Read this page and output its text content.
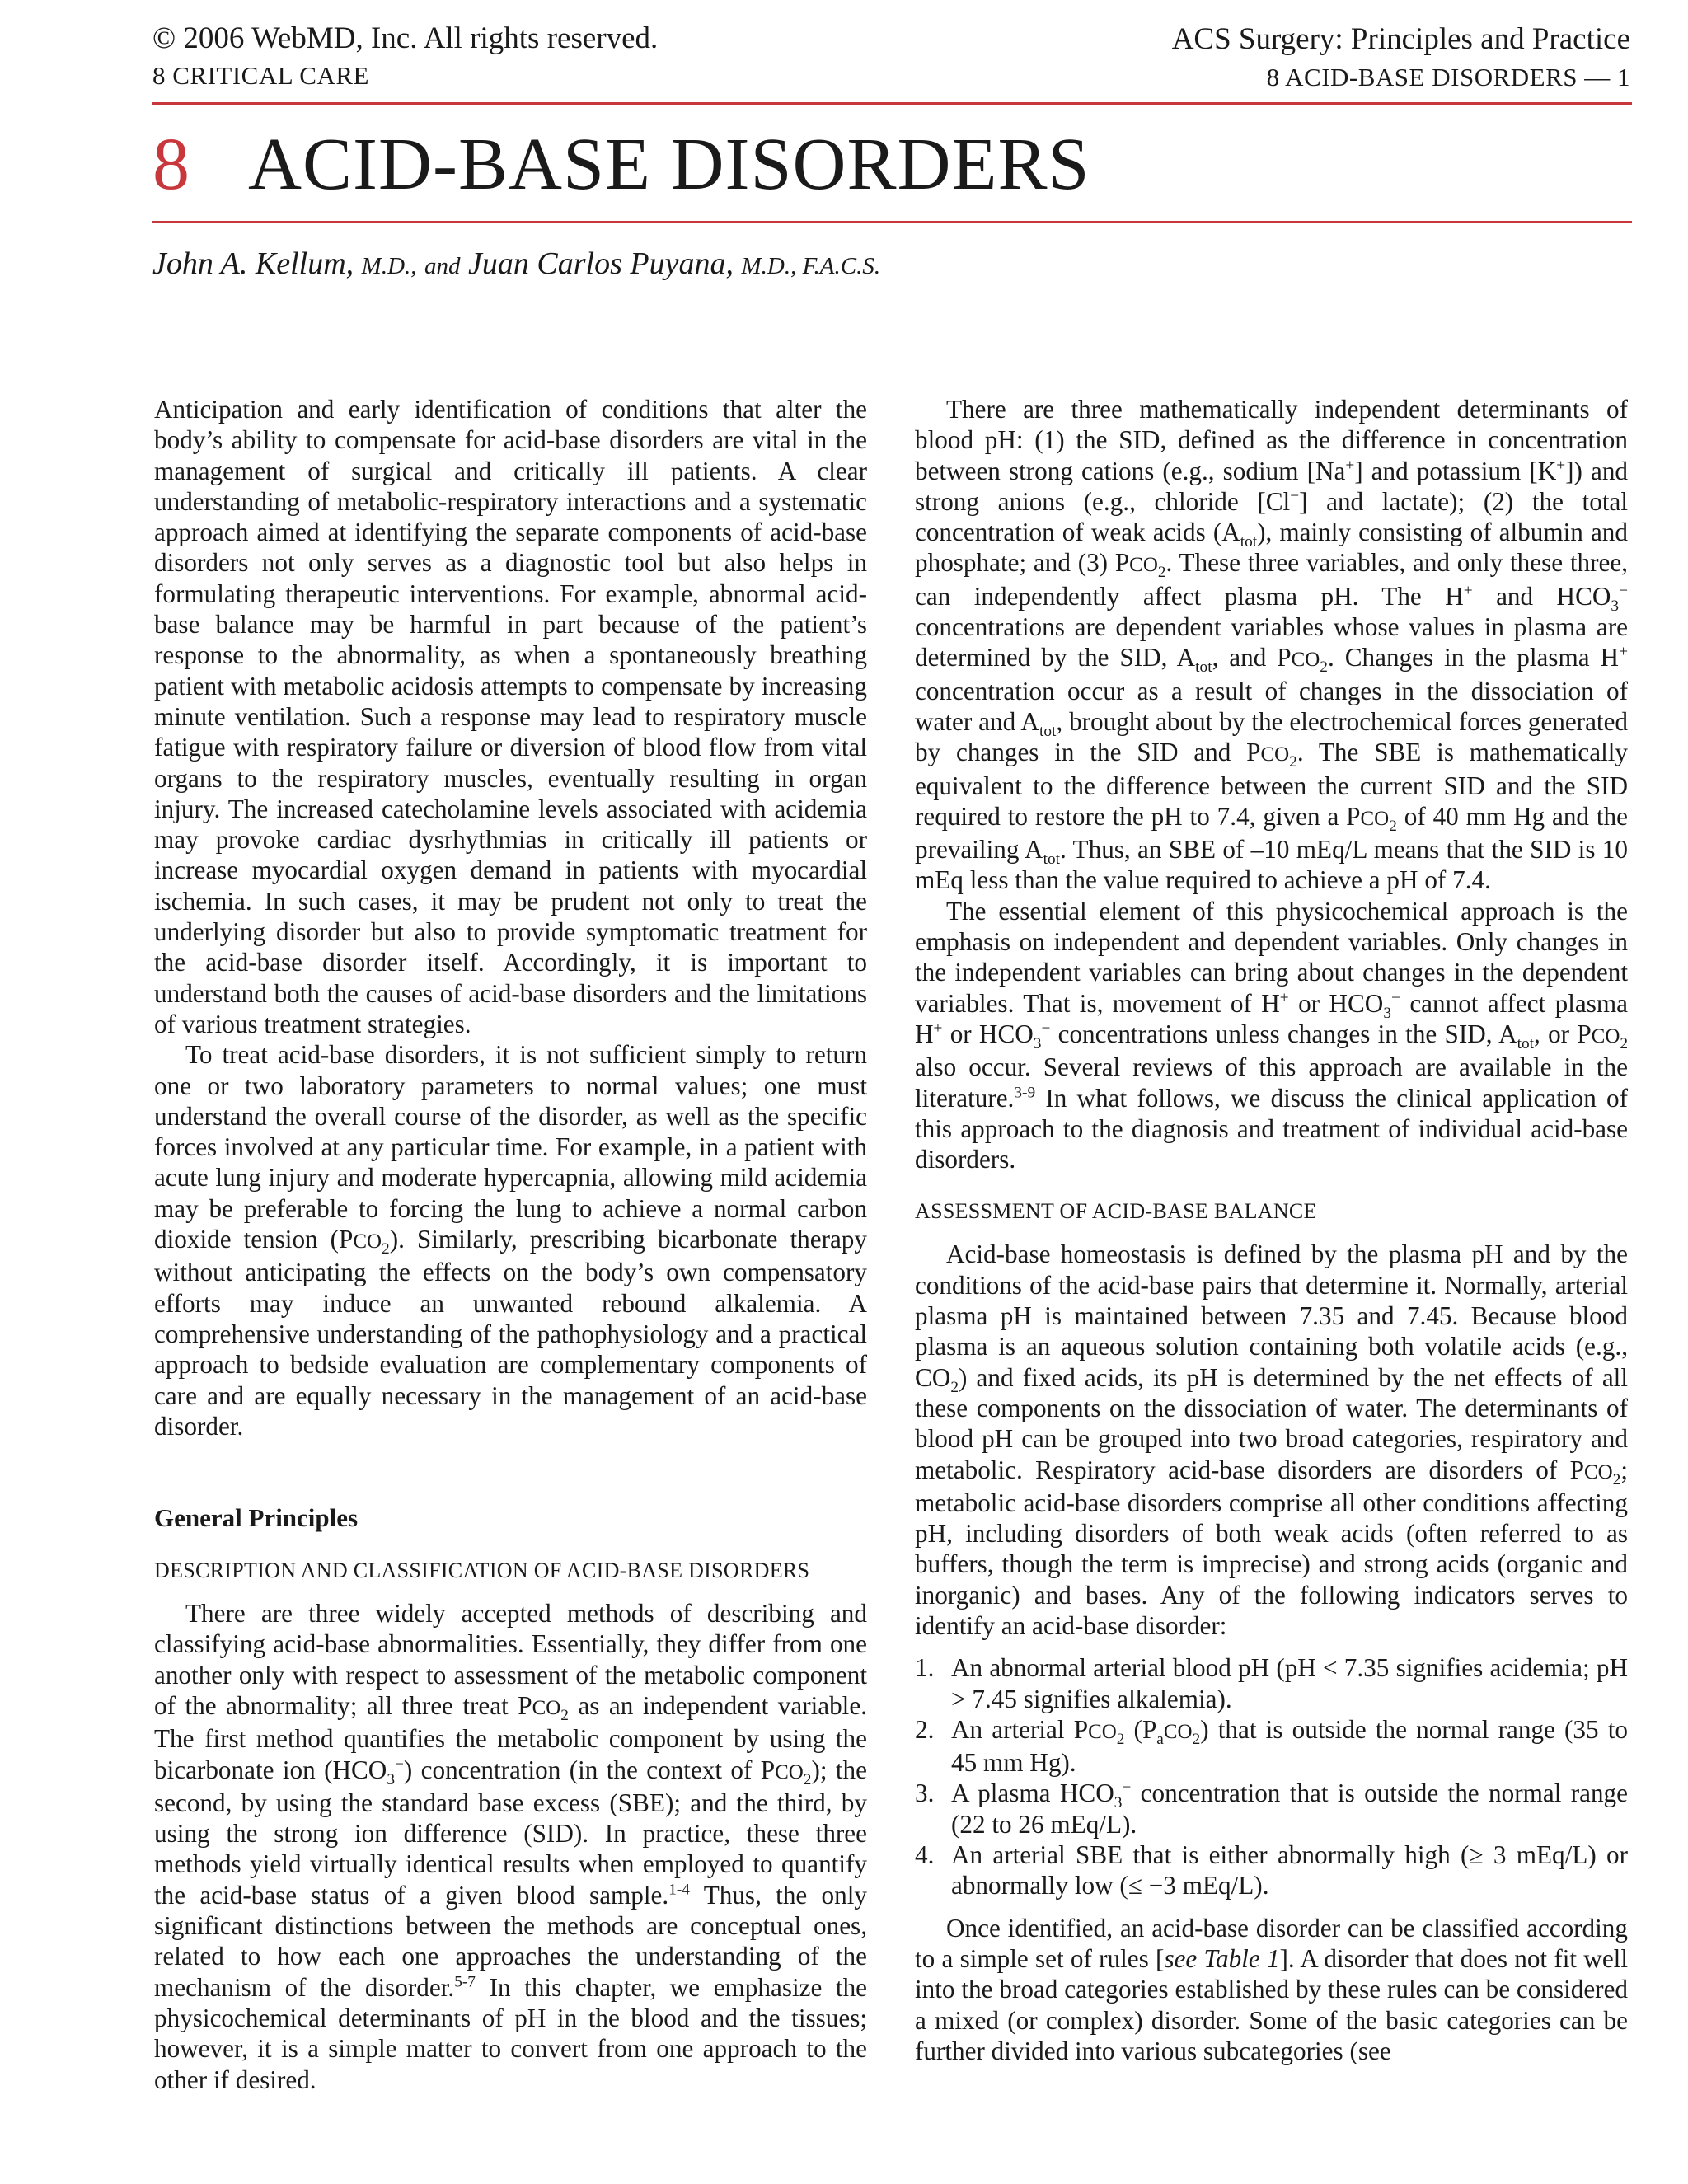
© 2006 WebMD, Inc. All rights reserved.
8 CRITICAL CARE
ACS Surgery: Principles and Practice
8 ACID-BASE DISORDERS — 1
8 ACID-BASE DISORDERS
John A. Kellum, M.D., and Juan Carlos Puyana, M.D., F.A.C.S.

Anticipation and early identification of conditions that alter the body’s ability to compensate for acid-base disorders are vital in the management of surgical and critically ill patients. A clear understanding of metabolic-respiratory interactions and a systematic approach aimed at identifying the separate components of acid-base disorders not only serves as a diagnostic tool but also helps in formulating therapeutic interventions. For example, abnormal acid-base balance may be harmful in part because of the patient’s response to the abnormality, as when a spontaneously breathing patient with metabolic acidosis attempts to compensate by increasing minute ventilation. Such a response may lead to respiratory muscle fatigue with respiratory failure or diversion of blood flow from vital organs to the respiratory muscles, eventually resulting in organ injury. The increased catecholamine levels associated with acidemia may provoke cardiac dysrhythmias in critically ill patients or increase myocardial oxygen demand in patients with myocardial ischemia. In such cases, it may be prudent not only to treat the underlying disorder but also to provide symptomatic treatment for the acid-base disorder itself. Accordingly, it is important to understand both the causes of acid-base disorders and the limitations of various treatment strategies.

To treat acid-base disorders, it is not sufficient simply to return one or two laboratory parameters to normal values; one must understand the overall course of the disorder, as well as the specific forces involved at any particular time. For example, in a patient with acute lung injury and moderate hypercapnia, allowing mild acidemia may be preferable to forcing the lung to achieve a normal carbon dioxide tension $(PCO_2)$. Similarly, prescribing bicarbonate therapy without anticipating the effects on the body’s own compensatory efforts may induce an unwanted rebound alkalemia. A comprehensive understanding of the pathophysiology and a practical approach to bedside evaluation are complementary components of care and are equally necessary in the management of an acid-base disorder.

General Principles

DESCRIPTION AND CLASSIFICATION OF ACID-BASE DISORDERS

There are three widely accepted methods of describing and classifying acid-base abnormalities. Essentially, they differ from one another only with respect to assessment of the metabolic component of the abnormality; all three treat $PCO_2$ as an independent variable. The first method quantifies the metabolic component by using the bicarbonate ion $(HCO_3^-)$ concentration (in the context of $PCO_2$); the second, by using the standard base excess (SBE); and the third, by using the strong ion difference (SID). In practice, these three methods yield virtually identical results when employed to quantify the acid-base status of a given blood sample.$^{1-4}$ Thus, the only significant distinctions between the methods are conceptual ones, related to how each one approaches the understanding of the mechanism of the disorder.$^{5-7}$ In this chapter, we emphasize the physicochemical determinants of pH in the blood and the tissues; however, it is a simple matter to convert from one approach to the other if desired.

There are three mathematically independent determinants of blood pH: (1) the SID, defined as the difference in concentration between strong cations (e.g., sodium [Na+] and potassium [K+]) and strong anions (e.g., chloride [Cl−] and lactate); (2) the total concentration of weak acids $(A_{tot})$, mainly consisting of albumin and phosphate; and (3) $PCO_2$. These three variables, and only these three, can independently affect plasma pH. The H+ and $HCO_3^-$ concentrations are dependent variables whose values in plasma are determined by the SID, $A_{tot}$, and $PCO_2$. Changes in the plasma H+ concentration occur as a result of changes in the dissociation of water and $A_{tot}$, brought about by the electrochemical forces generated by changes in the SID and $PCO_2$. The SBE is mathematically equivalent to the difference between the current SID and the SID required to restore the pH to 7.4, given a $PCO_2$ of 40 mm Hg and the prevailing $A_{tot}$. Thus, an SBE of –10 mEq/L means that the SID is 10 mEq less than the value required to achieve a pH of 7.4.

The essential element of this physicochemical approach is the emphasis on independent and dependent variables. Only changes in the independent variables can bring about changes in the dependent variables. That is, movement of H+ or $HCO_3^-$ cannot affect plasma H+ or $HCO_3^-$ concentrations unless changes in the SID, $A_{tot}$, or $PCO_2$ also occur. Several reviews of this approach are available in the literature.$^{3-9}$ In what follows, we discuss the clinical application of this approach to the diagnosis and treatment of individual acid-base disorders.

ASSESSMENT OF ACID-BASE BALANCE

Acid-base homeostasis is defined by the plasma pH and by the conditions of the acid-base pairs that determine it. Normally, arterial plasma pH is maintained between 7.35 and 7.45. Because blood plasma is an aqueous solution containing both volatile acids (e.g., $CO_2$) and fixed acids, its pH is determined by the net effects of all these components on the dissociation of water. The determinants of blood pH can be grouped into two broad categories, respiratory and metabolic. Respiratory acid-base disorders are disorders of $PCO_2$; metabolic acid-base disorders comprise all other conditions affecting pH, including disorders of both weak acids (often referred to as buffers, though the term is imprecise) and strong acids (organic and inorganic) and bases. Any of the following indicators serves to identify an acid-base disorder:

1. An abnormal arterial blood pH (pH < 7.35 signifies acidemia; pH > 7.45 signifies alkalemia).
2. An arterial $PCO_2$ $(P_aCO_2)$ that is outside the normal range (35 to 45 mm Hg).
3. A plasma $HCO_3^-$ concentration that is outside the normal range (22 to 26 mEq/L).
4. An arterial SBE that is either abnormally high (≥ 3 mEq/L) or abnormally low (≤ −3 mEq/L).

Once identified, an acid-base disorder can be classified according to a simple set of rules [see Table 1]. A disorder that does not fit well into the broad categories established by these rules can be considered a mixed (or complex) disorder. Some of the basic categories can be further divided into various subcategories (see
